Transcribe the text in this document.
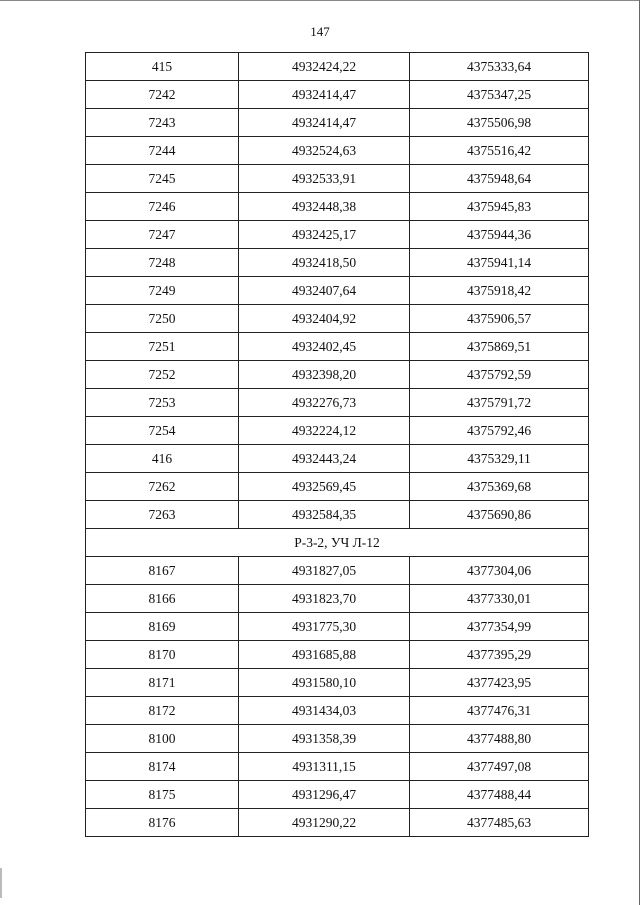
147
415	4932424,22	4375333,64
7242	4932414,47	4375347,25
7243	4932414,47	4375506,98
7244	4932524,63	4375516,42
7245	4932533,91	4375948,64
7246	4932448,38	4375945,83
7247	4932425,17	4375944,36
7248	4932418,50	4375941,14
7249	4932407,64	4375918,42
7250	4932404,92	4375906,57
7251	4932402,45	4375869,51
7252	4932398,20	4375792,59
7253	4932276,73	4375791,72
7254	4932224,12	4375792,46
416	4932443,24	4375329,11
7262	4932569,45	4375369,68
7263	4932584,35	4375690,86
Р-3-2, УЧ Л-12		
8167	4931827,05	4377304,06
8166	4931823,70	4377330,01
8169	4931775,30	4377354,99
8170	4931685,88	4377395,29
8171	4931580,10	4377423,95
8172	4931434,03	4377476,31
8100	4931358,39	4377488,80
8174	4931311,15	4377497,08
8175	4931296,47	4377488,44
8176	4931290,22	4377485,63
